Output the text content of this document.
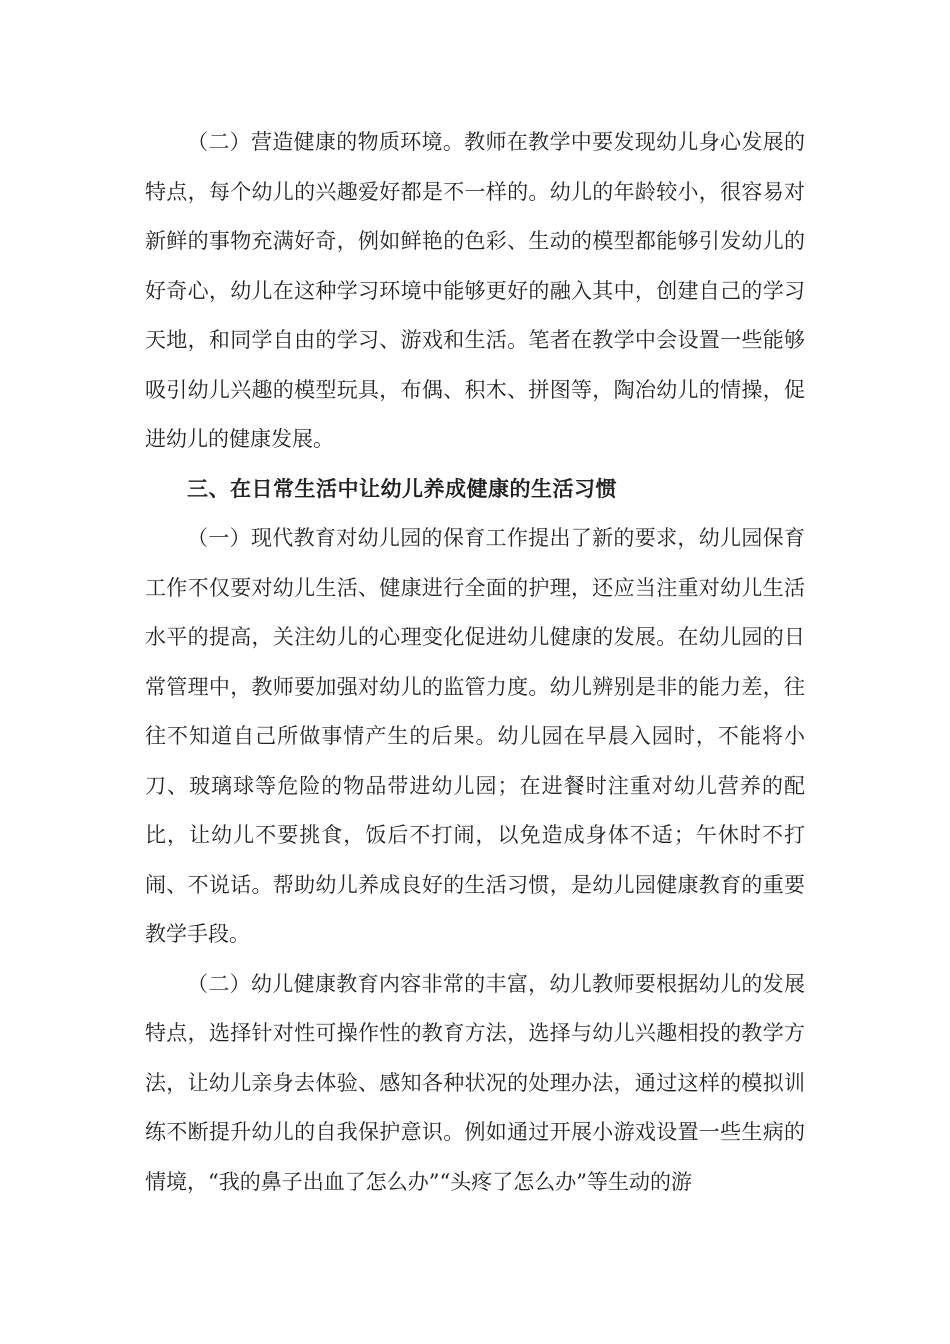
（二）营造健康的物质环境。教师在教学中要发现幼儿身心发展的特点，每个幼儿的兴趣爱好都是不一样的。幼儿的年龄较小，很容易对新鲜的事物充满好奇，例如鲜艳的色彩、生动的模型都能够引发幼儿的好奇心，幼儿在这种学习环境中能够更好的融入其中，创建自己的学习天地，和同学自由的学习、游戏和生活。笔者在教学中会设置一些能够吸引幼儿兴趣的模型玩具，布偶、积木、拼图等，陶冶幼儿的情操，促进幼儿的健康发展。

三、在日常生活中让幼儿养成健康的生活习惯

（一）现代教育对幼儿园的保育工作提出了新的要求，幼儿园保育工作不仅要对幼儿生活、健康进行全面的护理，还应当注重对幼儿生活水平的提高，关注幼儿的心理变化促进幼儿健康的发展。在幼儿园的日常管理中，教师要加强对幼儿的监管力度。幼儿辨别是非的能力差，往往不知道自己所做事情产生的后果。幼儿园在早晨入园时，不能将小刀、玻璃球等危险的物品带进幼儿园；在进餐时注重对幼儿营养的配比，让幼儿不要挑食，饭后不打闹，以免造成身体不适；午休时不打闹、不说话。帮助幼儿养成良好的生活习惯，是幼儿园健康教育的重要教学手段。

（二）幼儿健康教育内容非常的丰富，幼儿教师要根据幼儿的发展特点，选择针对性可操作性的教育方法，选择与幼儿兴趣相投的教学方法，让幼儿亲身去体验、感知各种状况的处理办法，通过这样的模拟训练不断提升幼儿的自我保护意识。例如通过开展小游戏设置一些生病的情境，“我的鼻子出血了怎么办”“头疼了怎么办”等生动的游
